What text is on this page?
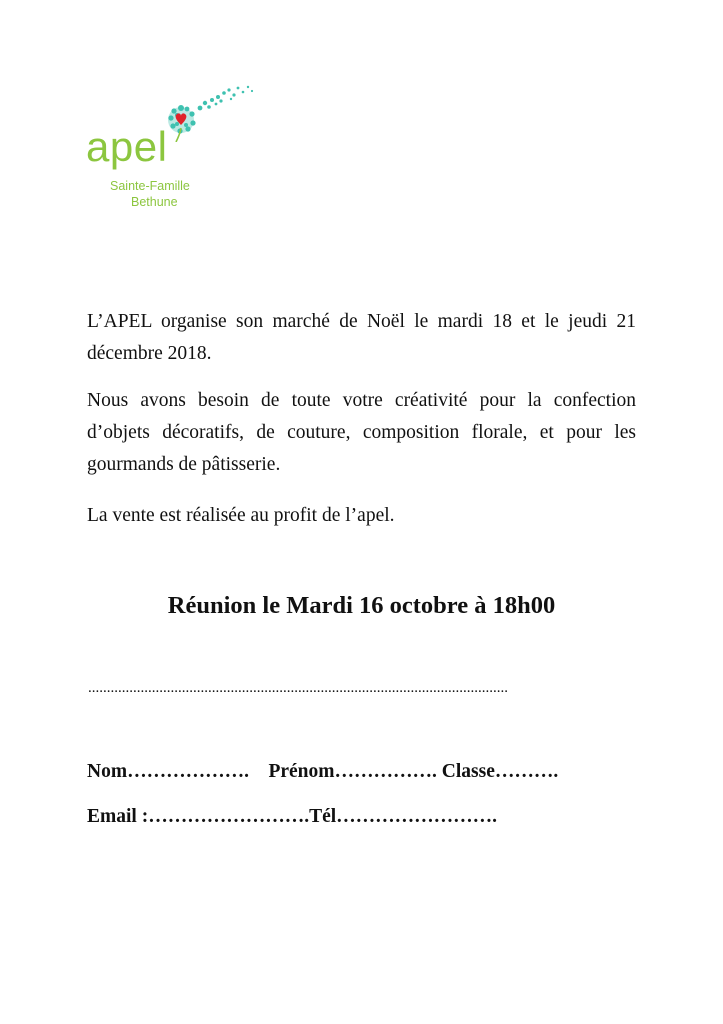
apel
Sainte-Famille
Bethune

L’APEL organise son marché de Noël le mardi 18 et le jeudi 21 décembre 2018.

Nous avons besoin de toute votre créativité pour la confection d’objets décoratifs, de couture, composition florale, et pour les gourmands de pâtisserie.

La vente est réalisée au profit de l’apel.

Réunion le Mardi 16 octobre à 18h00
................................................................................................................
Nom……………….    Prénom……………. Classe……….
Email :…………………….Tél…………………….
